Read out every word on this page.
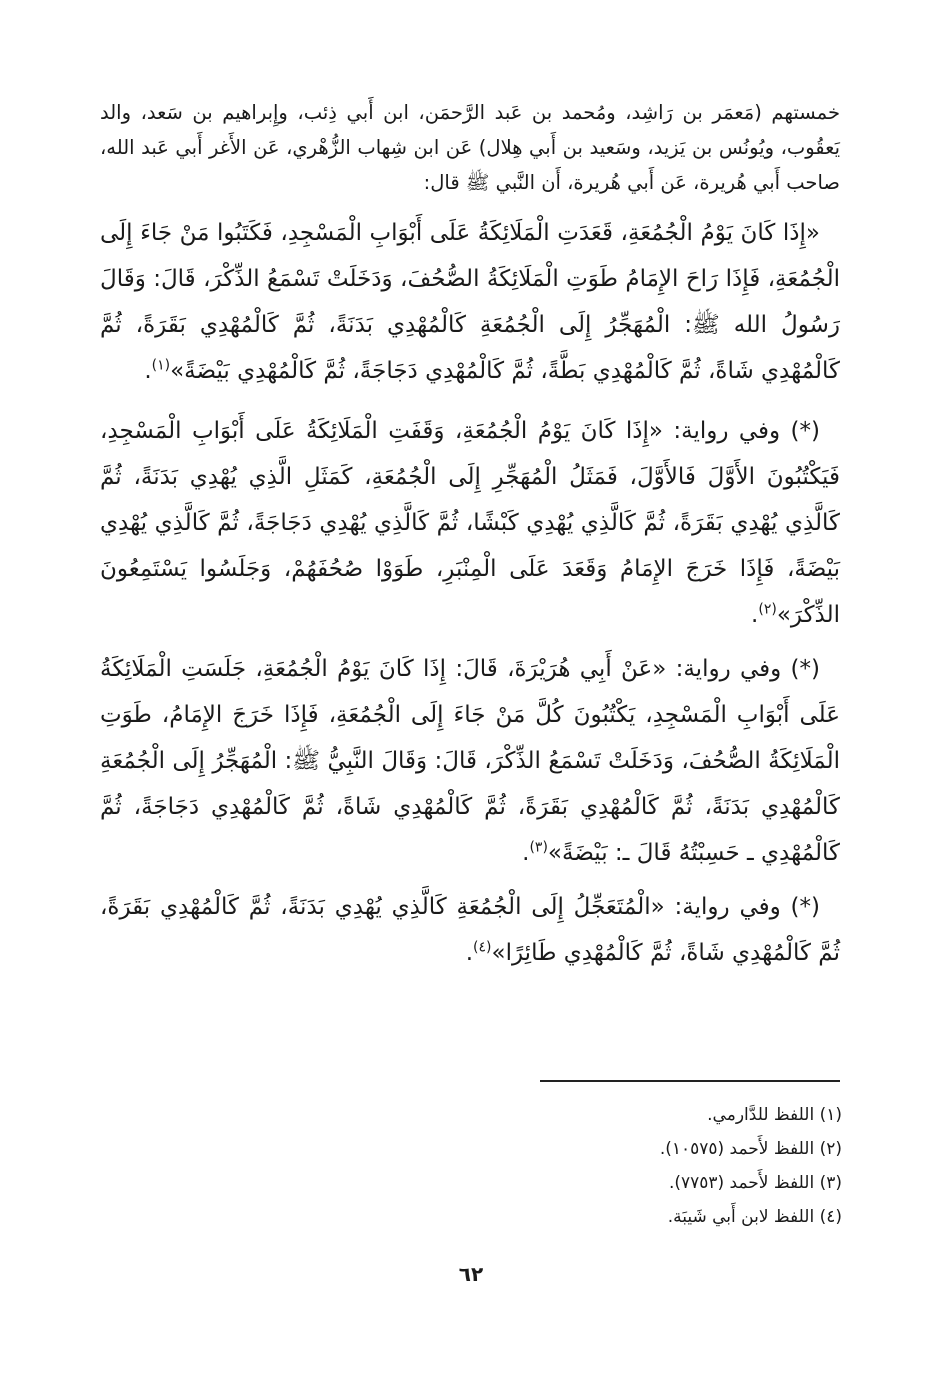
خمستهم (مَعمَر بن رَاشِد، ومُحمد بن عَبد الرَّحمَن، ابن أَبي ذِئب، وإِبراهيم بن سَعد، والد يَعقُوب، ويُونُس بن يَزيد، وسَعيد بن أَبي هِلال) عَن ابن شِهاب الزُّهْري، عَن الأَغر أَبي عَبد الله، صاحب أَبي هُريرة، عَن أَبي هُريرة، أَن النَّبي ﷺ قال:

«إِذَا كَانَ يَوْمُ الْجُمُعَةِ، قَعَدَتِ الْمَلَائِكَةُ عَلَى أَبْوَابِ الْمَسْجِدِ، فَكَتَبُوا مَنْ جَاءَ إِلَى الْجُمُعَةِ، فَإِذَا رَاحَ الإِمَامُ طَوَتِ الْمَلَائِكَةُ الصُّحُفَ، وَدَخَلَتْ تَسْمَعُ الذِّكْرَ، قَالَ: وَقَالَ رَسُولُ الله ﷺ: الْمُهَجِّرُ إِلَى الْجُمُعَةِ كَالْمُهْدِي بَدَنَةً، ثُمَّ كَالْمُهْدِي بَقَرَةً، ثُمَّ كَالْمُهْدِي شَاةً، ثُمَّ كَالْمُهْدِي بَطَّةً، ثُمَّ كَالْمُهْدِي دَجَاجَةً، ثُمَّ كَالْمُهْدِي بَيْضَةً»$^{(١)}$.

(*) وفي رواية: «إِذَا كَانَ يَوْمُ الْجُمُعَةِ، وَقَفَتِ الْمَلَائِكَةُ عَلَى أَبْوَابِ الْمَسْجِدِ، فَيَكْتُبُونَ الأَوَّلَ فَالأَوَّلَ، فَمَثَلُ الْمُهَجِّرِ إِلَى الْجُمُعَةِ، كَمَثَلِ الَّذِي يُهْدِي بَدَنَةً، ثُمَّ كَالَّذِي يُهْدِي بَقَرَةً، ثُمَّ كَالَّذِي يُهْدِي كَبْشًا، ثُمَّ كَالَّذِي يُهْدِي دَجَاجَةً، ثُمَّ كَالَّذِي يُهْدِي بَيْضَةً، فَإِذَا خَرَجَ الإِمَامُ وَقَعَدَ عَلَى الْمِنْبَرِ، طَوَوْا صُحُفَهُمْ، وَجَلَسُوا يَسْتَمِعُونَ الذِّكْرَ»$^{(٢)}$.

(*) وفي رواية: «عَنْ أَبِي هُرَيْرَةَ، قَالَ: إِذَا كَانَ يَوْمُ الْجُمُعَةِ، جَلَسَتِ الْمَلَائِكَةُ عَلَى أَبْوَابِ الْمَسْجِدِ، يَكْتُبُونَ كُلَّ مَنْ جَاءَ إِلَى الْجُمُعَةِ، فَإِذَا خَرَجَ الإِمَامُ، طَوَتِ الْمَلَائِكَةُ الصُّحُفَ، وَدَخَلَتْ تَسْمَعُ الذِّكْرَ، قَالَ: وَقَالَ النَّبِيُّ ﷺ: الْمُهَجِّرُ إِلَى الْجُمُعَةِ كَالْمُهْدِي بَدَنَةً، ثُمَّ كَالْمُهْدِي بَقَرَةً، ثُمَّ كَالْمُهْدِي شَاةً، ثُمَّ كَالْمُهْدِي دَجَاجَةً، ثُمَّ كَالْمُهْدِي ـ حَسِبْتُهُ قَالَ ـ: بَيْضَةً»$^{(٣)}$.

(*) وفي رواية: «الْمُتَعَجِّلُ إِلَى الْجُمُعَةِ كَالَّذِي يُهْدِي بَدَنَةً، ثُمَّ كَالْمُهْدِي بَقَرَةً، ثُمَّ كَالْمُهْدِي شَاةً، ثُمَّ كَالْمُهْدِي طَائِرًا»$^{(٤)}$.

(١) اللفظ للدَّارمي.
(٢) اللفظ لأَحمد (١٠٥٧٥).
(٣) اللفظ لأَحمد (٧٧٥٣).
(٤) اللفظ لابن أَبي شَيبَة.
٦٢
